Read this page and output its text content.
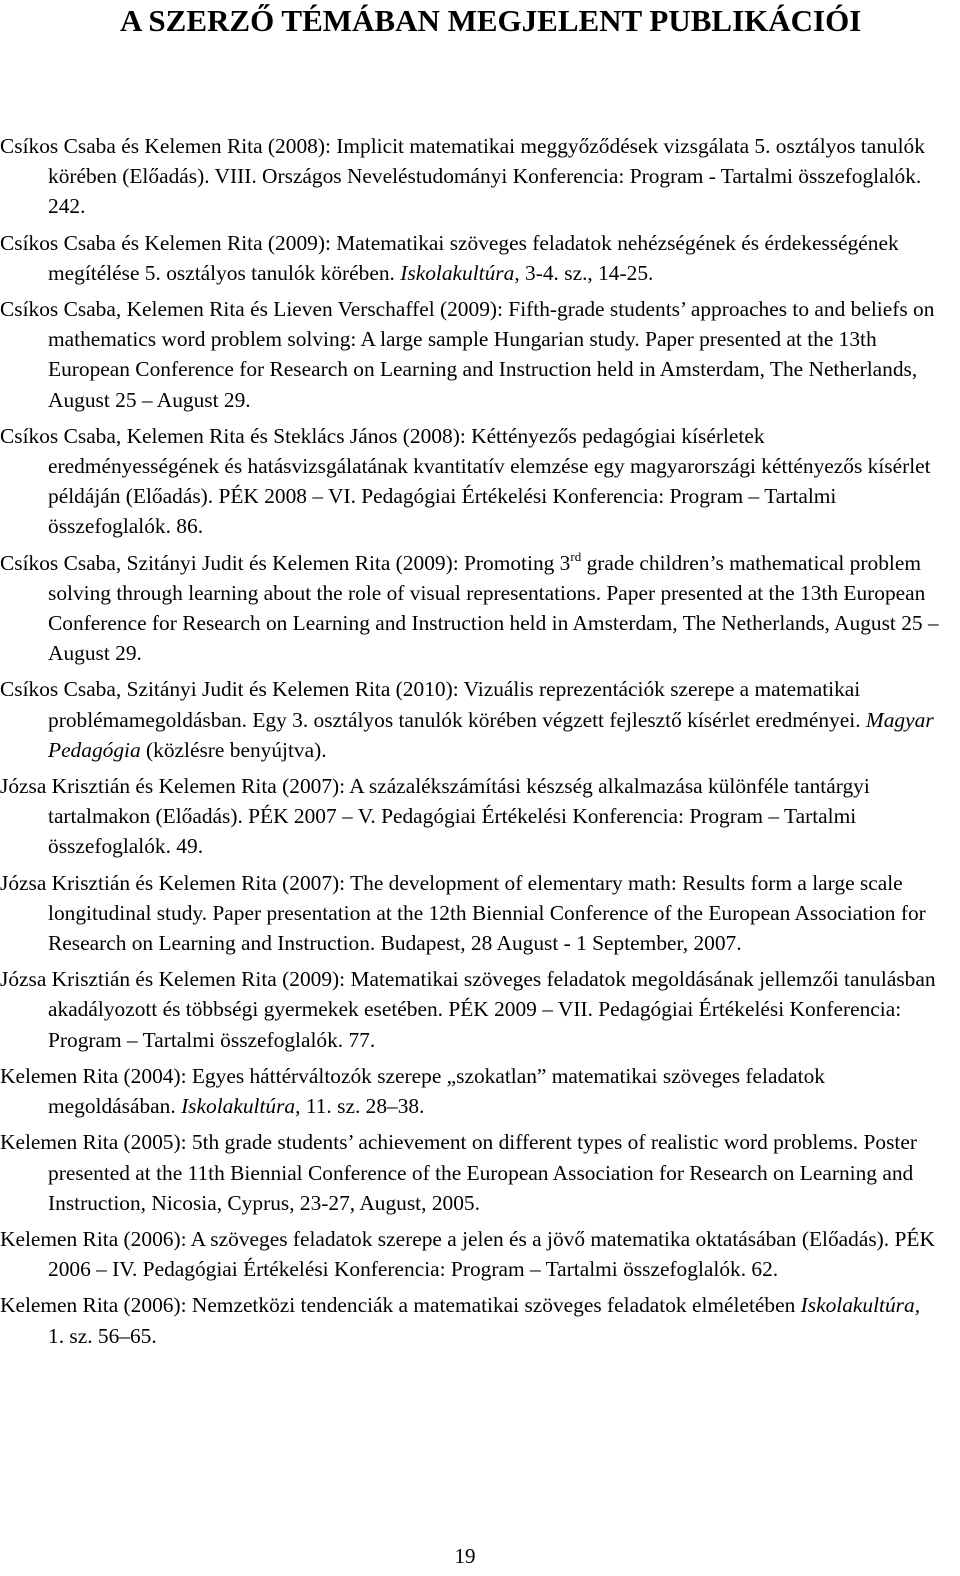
A SZERZŐ TÉMÁBAN MEGJELENT PUBLIKÁCIÓI

Csíkos Csaba és Kelemen Rita (2008): Implicit matematikai meggyőződések vizsgálata 5. osztályos tanulók körében (Előadás). VIII. Országos Neveléstudományi Konferencia: Program - Tartalmi összefoglalók. 242.

Csíkos Csaba és Kelemen Rita (2009): Matematikai szöveges feladatok nehézségének és érdekességének megítélése 5. osztályos tanulók körében. Iskolakultúra, 3-4. sz., 14-25.

Csíkos Csaba, Kelemen Rita és Lieven Verschaffel (2009): Fifth-grade students’ approaches to and beliefs on mathematics word problem solving: A large sample Hungarian study. Paper presented at the 13th European Conference for Research on Learning and Instruction held in Amsterdam, The Netherlands, August 25 – August 29.

Csíkos Csaba, Kelemen Rita és Steklács János (2008): Kéttényezős pedagógiai kísérletek eredményességének és hatásvizsgálatának kvantitatív elemzése egy magyarországi kéttényezős kísérlet példáján (Előadás). PÉK 2008 – VI. Pedagógiai Értékelési Konferencia: Program – Tartalmi összefoglalók. 86.

Csíkos Csaba, Szitányi Judit és Kelemen Rita (2009): Promoting 3rd grade children’s mathematical problem solving through learning about the role of visual representations. Paper presented at the 13th European Conference for Research on Learning and Instruction held in Amsterdam, The Netherlands, August 25 – August 29.

Csíkos Csaba, Szitányi Judit és Kelemen Rita (2010): Vizuális reprezentációk szerepe a matematikai problémamegoldásban. Egy 3. osztályos tanulók körében végzett fejlesztő kísérlet eredményei. Magyar Pedagógia (közlésre benyújtva).

Józsa Krisztián és Kelemen Rita (2007): A százalékszámítási készség alkalmazása különféle tantárgyi tartalmakon (Előadás). PÉK 2007 – V. Pedagógiai Értékelési Konferencia: Program – Tartalmi összefoglalók. 49.

Józsa Krisztián és Kelemen Rita (2007): The development of elementary math: Results form a large scale longitudinal study. Paper presentation at the 12th Biennial Conference of the European Association for Research on Learning and Instruction. Budapest, 28 August - 1 September, 2007.

Józsa Krisztián és Kelemen Rita (2009): Matematikai szöveges feladatok megoldásának jellemzői tanulásban akadályozott és többségi gyermekek esetében. PÉK 2009 – VII. Pedagógiai Értékelési Konferencia: Program – Tartalmi összefoglalók. 77.

Kelemen Rita (2004): Egyes háttérváltozók szerepe „szokatlan” matematikai szöveges feladatok megoldásában. Iskolakultúra, 11. sz. 28–38.

Kelemen Rita (2005): 5th grade students’ achievement on different types of realistic word problems. Poster presented at the 11th Biennial Conference of the European Association for Research on Learning and Instruction, Nicosia, Cyprus, 23-27, August, 2005.

Kelemen Rita (2006): A szöveges feladatok szerepe a jelen és a jövő matematika oktatásában (Előadás). PÉK 2006 – IV. Pedagógiai Értékelési Konferencia: Program – Tartalmi összefoglalók. 62.

Kelemen Rita (2006): Nemzetközi tendenciák a matematikai szöveges feladatok elméletében Iskolakultúra, 1. sz. 56–65.

19
